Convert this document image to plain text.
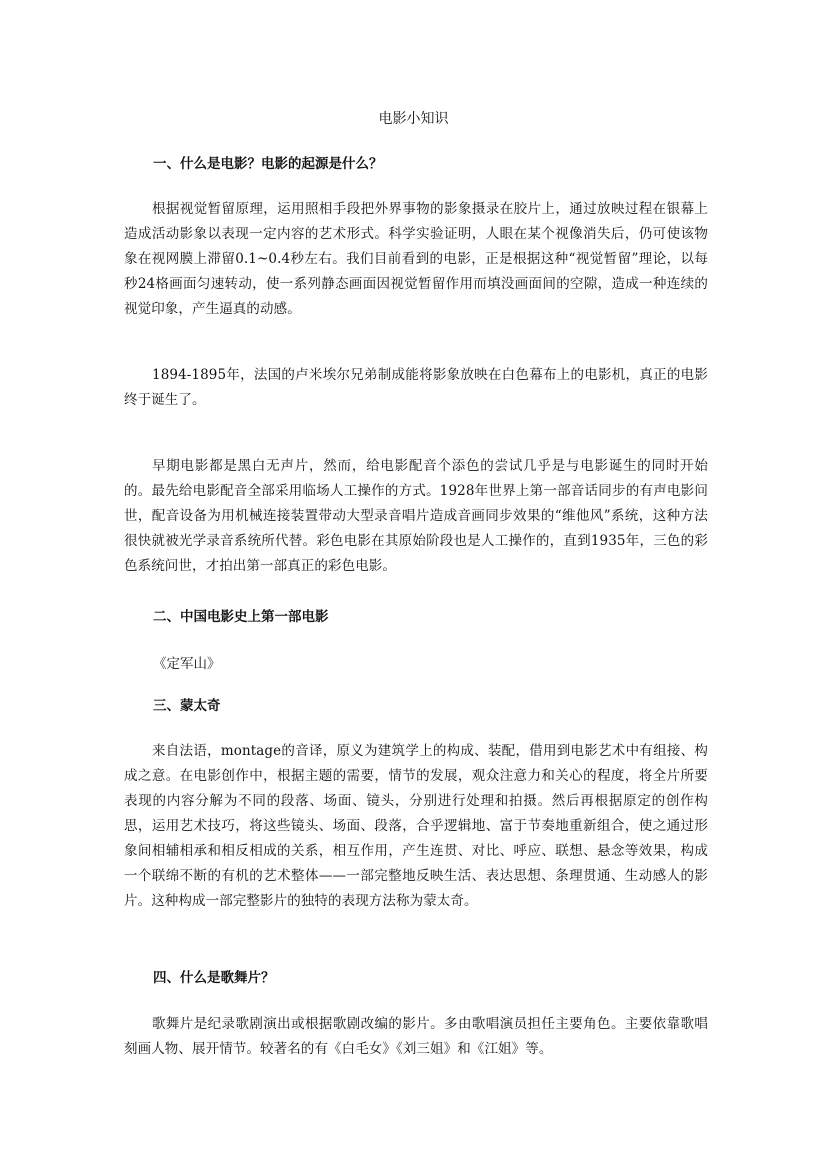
电影小知识
一、什么是电影？电影的起源是什么？
根据视觉暂留原理，运用照相手段把外界事物的影象摄录在胶片上，通过放映过程在银幕上造成活动影象以表现一定内容的艺术形式。科学实验证明，人眼在某个视像消失后，仍可使该物象在视网膜上滞留0.1~0.4秒左右。我们目前看到的电影，正是根据这种“视觉暂留”理论，以每秒24格画面匀速转动，使一系列静态画面因视觉暂留作用而填没画面间的空隙，造成一种连续的视觉印象，产生逼真的动感。
1894-1895年，法国的卢米埃尔兄弟制成能将影象放映在白色幕布上的电影机，真正的电影终于诞生了。
早期电影都是黑白无声片，然而，给电影配音个添色的尝试几乎是与电影诞生的同时开始的。最先给电影配音全部采用临场人工操作的方式。1928年世界上第一部音话同步的有声电影问世，配音设备为用机械连接装置带动大型录音唱片造成音画同步效果的“维他风”系统，这种方法很快就被光学录音系统所代替。彩色电影在其原始阶段也是人工操作的，直到1935年，三色的彩色系统问世，才拍出第一部真正的彩色电影。
二、中国电影史上第一部电影
《定军山》
三、蒙太奇
来自法语，montage的音译，原义为建筑学上的构成、装配，借用到电影艺术中有组接、构成之意。在电影创作中，根据主题的需要，情节的发展，观众注意力和关心的程度，将全片所要表现的内容分解为不同的段落、场面、镜头，分别进行处理和拍摄。然后再根据原定的创作构思，运用艺术技巧，将这些镜头、场面、段落，合乎逻辑地、富于节奏地重新组合，使之通过形象间相辅相承和相反相成的关系，相互作用，产生连贯、对比、呼应、联想、悬念等效果，构成一个联绵不断的有机的艺术整体——一部完整地反映生活、表达思想、条理贯通、生动感人的影片。这种构成一部完整影片的独特的表现方法称为蒙太奇。
四、什么是歌舞片？
歌舞片是纪录歌剧演出或根据歌剧改编的影片。多由歌唱演员担任主要角色。主要依靠歌唱刻画人物、展开情节。较著名的有《白毛女》《刘三姐》和《江姐》等。
